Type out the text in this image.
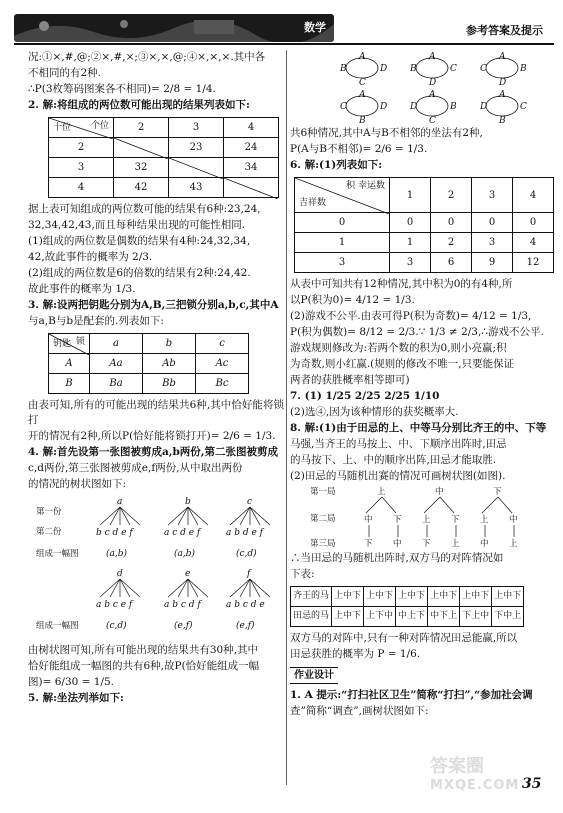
数学	参考答案及提示

况:①×,#,@;②×,#,×;③×,×,@;④×,×,×.其中各

不相同的有2种.

∴P(3枚筹码图案各不相同)= 2/8 = 1/4.

2. 解:将组成的两位数可能出现的结果列表如下:

个位
十位	2	3	4
2		23	24
3	32		34
4	42	43	

据上表可知组成的两位数可能的结果有6种:23,24,

32,34,42,43,而且每种结果出现的可能性相同.

(1)组成的两位数是偶数的结果有4种:24,32,34,

42,故此事件的概率为 2/3.

(2)组成的两位数是6的倍数的结果有2种:24,42.

故此事件的概率为 1/3.

3. 解:设两把钥匙分别为A,B,三把锁分别a,b,c,其中A

与a,B与b是配套的.列表如下:

锁
钥匙	a	b	c
A	Aa	Ab	Ac
B	Ba	Bb	Bc

由表可知,所有的可能出现的结果共6种,其中恰好能将锁打

开的情况有2种,所以P(恰好能将锁打开)= 2/6 = 1/3.

4. 解:首先设第一张图被剪成a,b两份,第二张图被剪成

c,d两份,第三张图被剪成e,f两份,从中取出两份

的情况的树状图如下:

第一份
第二份
组成一幅图
a	b	c
b c d e f	a c d e f	a b d e f
(a,b)	(a,b)	(c,d)
d	e	f
a b c e f	a b c d f	a b c d e
组成一幅图	(c,d)	(e,f)	(e,f)

由树状图可知,所有可能出现的结果共有30种,其中

恰好能组成一幅图的共有6种,故P(恰好能组成一幅

图)= 6/30 = 1/5.

5. 解:坐法列举如下:

A
B	D
C
A
B	C
D
A
C	B
D
A
C	D
B
A
D	B
C
A
D	C
B

共6种情况,其中A与B不相邻的坐法有2种,

P(A与B不相邻)= 2/6 = 1/3.

6. 解:(1)列表如下:

积 幸运数
吉祥数	1	2	3	4
0	0	0	0	0
1	1	2	3	4
3	3	6	9	12

从表中可知共有12种情况,其中积为0的有4种,所

以P(积为0)= 4/12 = 1/3.

(2)游戏不公平.由表可得P(积为奇数)= 4/12 = 1/3,

P(积为偶数)= 8/12 = 2/3.∵ 1/3 ≠ 2/3,∴游戏不公平.

游戏规则修改为:若两个数的积为0,则小亮赢;积

为奇数,则小红赢.(规则的修改不唯一,只要能保证

两者的获胜概率相等即可)

7. (1) 1/25 2/25 2/25 1/10

(2)选④,因为该种情形的获奖概率大.

8. 解:(1)由于田忌的上、中等马分别比齐王的中、下等

马强,当齐王的马按上、中、下顺序出阵时,田忌

的马按下、上、中的顺序出阵,田忌才能取胜.

(2)田忌的马随机出赛的情况可画树状图(如图).

第一局
第二局
第三局
上	中	下
中 下 上 下 上 中
下 中 下 上 中 上

∴当田忌的马随机出阵时,双方马的对阵情况如

下表:

齐王的马	上中下	上中下	上中下	上中下	上中下	上中下
田忌的马	上中下	上下中	中上下	中下上	下上中	下中上

双方马的对阵中,只有一种对阵情况田忌能赢,所以

田忌获胜的概率为 P = 1/6.

作业设计

1. A 提示:“打扫社区卫生”简称“打扫”,“参加社会调

查”简称“调查”,画树状图如下:

答案圈
MXQE.COM 35
